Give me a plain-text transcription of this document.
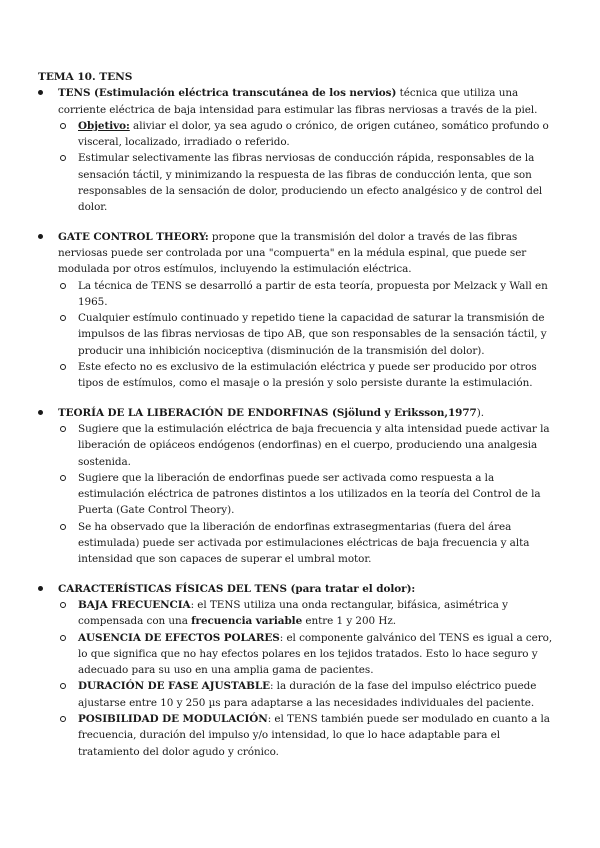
TEMA 10. TENS
TENS (Estimulación eléctrica transcutánea de los nervios) técnica que utiliza una corriente eléctrica de baja intensidad para estimular las fibras nerviosas a través de la piel.
Objetivo: aliviar el dolor, ya sea agudo o crónico, de origen cutáneo, somático profundo o visceral, localizado, irradiado o referido.
Estimular selectivamente las fibras nerviosas de conducción rápida, responsables de la sensación táctil, y minimizando la respuesta de las fibras de conducción lenta, que son responsables de la sensación de dolor, produciendo un efecto analgésico y de control del dolor.
GATE CONTROL THEORY: propone que la transmisión del dolor a través de las fibras nerviosas puede ser controlada por una "compuerta" en la médula espinal, que puede ser modulada por otros estímulos, incluyendo la estimulación eléctrica.
La técnica de TENS se desarrolló a partir de esta teoría, propuesta por Melzack y Wall en 1965.
Cualquier estímulo continuado y repetido tiene la capacidad de saturar la transmisión de impulsos de las fibras nerviosas de tipo AB, que son responsables de la sensación táctil, y producir una inhibición nociceptiva (disminución de la transmisión del dolor).
Este efecto no es exclusivo de la estimulación eléctrica y puede ser producido por otros tipos de estímulos, como el masaje o la presión y solo persiste durante la estimulación.
TEORÍA DE LA LIBERACIÓN DE ENDORFINAS (Sjölund y Eriksson,1977).
Sugiere que la estimulación eléctrica de baja frecuencia y alta intensidad puede activar la liberación de opiáceos endógenos (endorfinas) en el cuerpo, produciendo una analgesia sostenida.
Sugiere que la liberación de endorfinas puede ser activada como respuesta a la estimulación eléctrica de patrones distintos a los utilizados en la teoría del Control de la Puerta (Gate Control Theory).
Se ha observado que la liberación de endorfinas extrasegmentarias (fuera del área estimulada) puede ser activada por estimulaciones eléctricas de baja frecuencia y alta intensidad que son capaces de superar el umbral motor.
CARACTERÍSTICAS FÍSICAS DEL TENS (para tratar el dolor):
BAJA FRECUENCIA: el TENS utiliza una onda rectangular, bifásica, asimétrica y compensada con una frecuencia variable entre 1 y 200 Hz.
AUSENCIA DE EFECTOS POLARES: el componente galvánico del TENS es igual a cero, lo que significa que no hay efectos polares en los tejidos tratados. Esto lo hace seguro y adecuado para su uso en una amplia gama de pacientes.
DURACIÓN DE FASE AJUSTABLE: la duración de la fase del impulso eléctrico puede ajustarse entre 10 y 250 µs para adaptarse a las necesidades individuales del paciente.
POSIBILIDAD DE MODULACIÓN: el TENS también puede ser modulado en cuanto a la frecuencia, duración del impulso y/o intensidad, lo que lo hace adaptable para el tratamiento del dolor agudo y crónico.
